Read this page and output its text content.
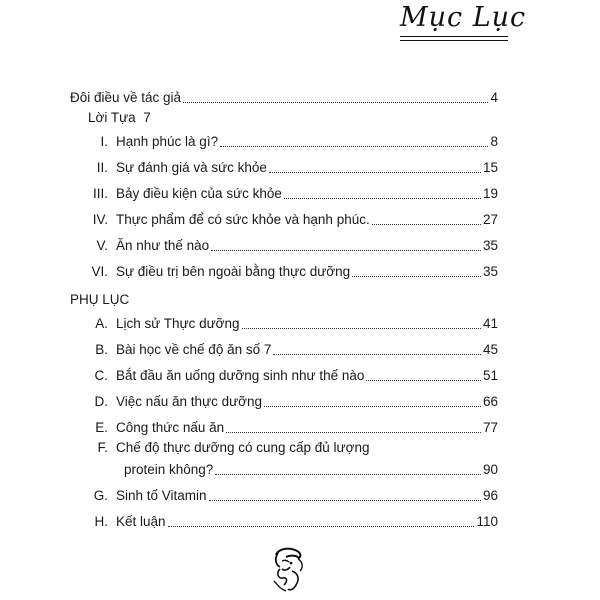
Mục Lục
Đôi điều về tác giả	4
Lời Tựa 7
I. Hạnh phúc là gì?	8
II. Sự đánh giá và sức khỏe	15
III. Bảy điều kiện của sức khỏe	19
IV. Thực phẩm để có sức khỏe và hạnh phúc.	27
V. Ăn như thế nào	35
VI. Sự điều trị bên ngoài bằng thực dưỡng	35
PHỤ LỤC
A. Lịch sử Thực dưỡng	41
B. Bài học về chế độ ăn số 7	45
C. Bắt đầu ăn uống dưỡng sinh như thế nào	51
D. Việc nấu ăn thực dưỡng	66
E. Công thức nấu ăn	77
F. Chế độ thực dưỡng có cung cấp đủ lượng
protein không?	90
G. Sinh tố Vitamin	96
H. Kết luận	110
